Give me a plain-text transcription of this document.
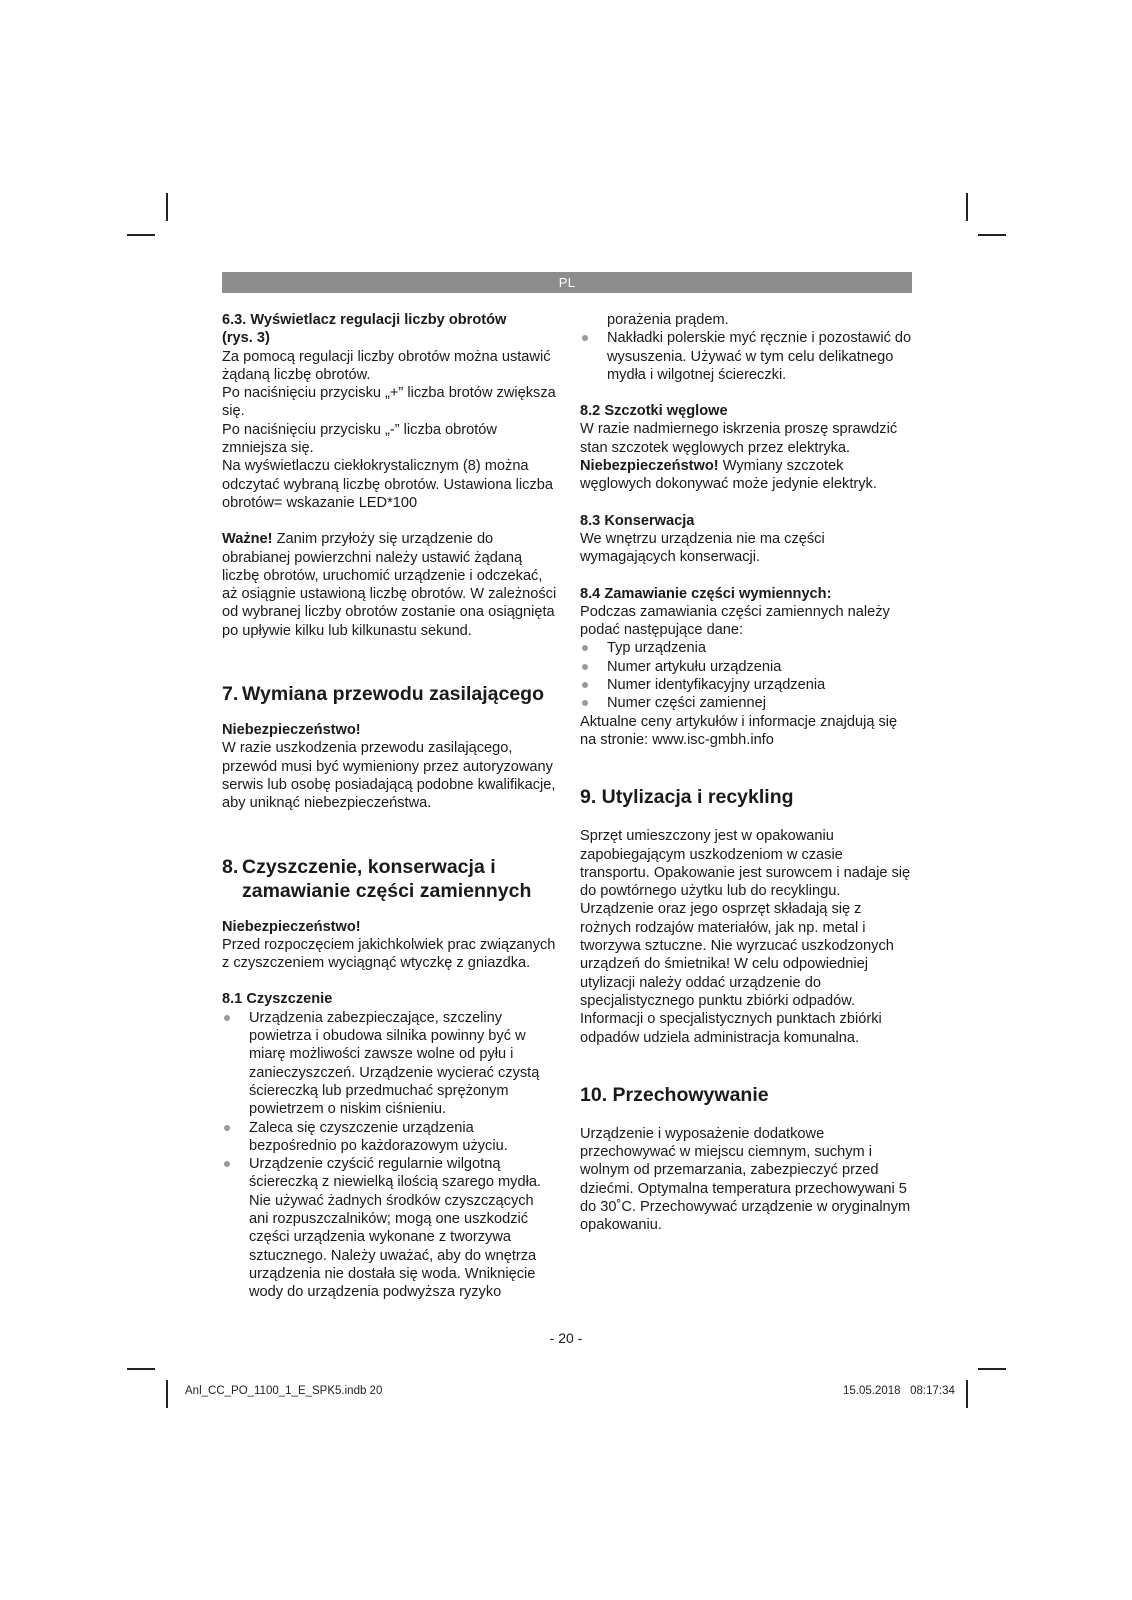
PL

6.3. Wyświetlacz regulacji liczby obrotów
(rys. 3)

Za pomocą regulacji liczby obrotów można ustawić żądaną liczbę obrotów.

Po naciśnięciu przycisku „+” liczba brotów zwiększa się.

Po naciśnięciu przycisku „-” liczba obrotów zmniejsza się.

Na wyświetlaczu ciekłokrystalicznym (8) można odczytać wybraną liczbę obrotów. Ustawiona liczba obrotów= wskazanie LED*100

Ważne! Zanim przyłoży się urządzenie do obrabianej powierzchni należy ustawić żądaną liczbę obrotów, uruchomić urządzenie i odczekać, aż osiągnie ustawioną liczbę obrotów. W zależności od wybranej liczby obrotów zostanie ona osiągnięta po upływie kilku lub kilkunastu sekund.

7. Wymiana przewodu zasilającego

Niebezpieczeństwo!

W razie uszkodzenia przewodu zasilającego, przewód musi być wymieniony przez autoryzowany serwis lub osobę posiadającą podobne kwalifikacje, aby uniknąć niebezpieczeństwa.

8. Czyszczenie, konserwacja i zamawianie części zamiennych

Niebezpieczeństwo!

Przed rozpoczęciem jakichkolwiek prac związanych z czyszczeniem wyciągnąć wtyczkę z gniazdka.

8.1 Czyszczenie

Urządzenia zabezpieczające, szczeliny powietrza i obudowa silnika powinny być w miarę możliwości zawsze wolne od pyłu i zanieczyszczeń. Urządzenie wycierać czystą ściereczką lub przedmuchać sprężonym powietrzem o niskim ciśnieniu.
Zaleca się czyszczenie urządzenia bezpośrednio po każdorazowym użyciu.
Urządzenie czyścić regularnie wilgotną ściereczką z niewielką ilością szarego mydła. Nie używać żadnych środków czyszczących ani rozpuszczalników; mogą one uszkodzić części urządzenia wykonane z tworzywa sztucznego. Należy uważać, aby do wnętrza urządzenia nie dostała się woda. Wniknięcie wody do urządzenia podwyższa ryzyko

porażenia prądem.

Nakładki polerskie myć ręcznie i pozostawić do wysuszenia. Używać w tym celu delikatnego mydła i wilgotnej ściereczki.

8.2 Szczotki węglowe

W razie nadmiernego iskrzenia proszę sprawdzić stan szczotek węglowych przez elektryka.

Niebezpieczeństwo! Wymiany szczotek węglowych dokonywać może jedynie elektryk.

8.3 Konserwacja

We wnętrzu urządzenia nie ma części wymagających konserwacji.

8.4 Zamawianie części wymiennych:

Podczas zamawiania części zamiennych należy podać następujące dane:

Typ urządzenia
Numer artykułu urządzenia
Numer identyfikacyjny urządzenia
Numer części zamiennej

Aktualne ceny artykułów i informacje znajdują się na stronie: www.isc-gmbh.info

9. Utylizacja i recykling

Sprzęt umieszczony jest w opakowaniu zapobiegającym uszkodzeniom w czasie transportu. Opakowanie jest surowcem i nadaje się do powtórnego użytku lub do recyklingu. Urządzenie oraz jego osprzęt składają się z rożnych rodzajów materiałów, jak np. metal i tworzywa sztuczne. Nie wyrzucać uszkodzonych urządzeń do śmietnika! W celu odpowiedniej utylizacji należy oddać urządzenie do specjalistycznego punktu zbiórki odpadów. Informacji o specjalistycznych punktach zbiórki odpadów udziela administracja komunalna.

10. Przechowywanie

Urządzenie i wyposażenie dodatkowe przechowywać w miejscu ciemnym, suchym i wolnym od przemarzania, zabezpieczyć przed dziećmi. Optymalna temperatura przechowywani 5 do 30˚C. Przechowywać urządzenie w oryginalnym opakowaniu.

- 20 -
Anl_CC_PO_1100_1_E_SPK5.indb 20	15.05.2018   08:17:34
